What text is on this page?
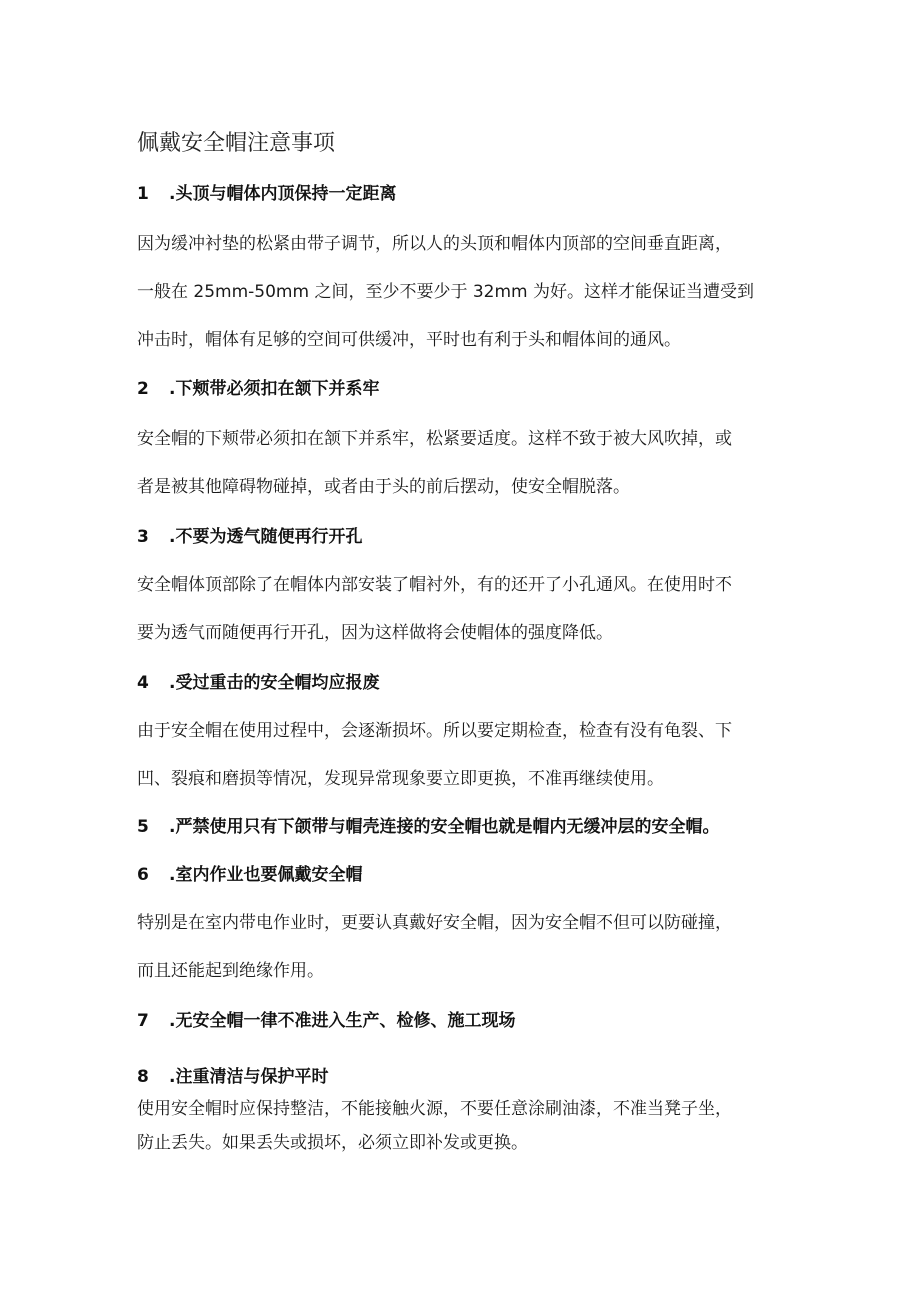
佩戴安全帽注意事项
1 .头顶与帽体内顶保持一定距离
因为缓冲衬垫的松紧由带子调节，所以人的头顶和帽体内顶部的空间垂直距离，
一般在 25mm-50mm 之间，至少不要少于 32mm 为好。这样才能保证当遭受到
冲击时，帽体有足够的空间可供缓冲，平时也有利于头和帽体间的通风。
2 .下颊带必须扣在颔下并系牢
安全帽的下颊带必须扣在颔下并系牢，松紧要适度。这样不致于被大风吹掉，或
者是被其他障碍物碰掉，或者由于头的前后摆动，使安全帽脱落。
3 .不要为透气随便再行开孔
安全帽体顶部除了在帽体内部安装了帽衬外，有的还开了小孔通风。在使用时不
要为透气而随便再行开孔，因为这样做将会使帽体的强度降低。
4 .受过重击的安全帽均应报废
由于安全帽在使用过程中，会逐渐损坏。所以要定期检查，检查有没有龟裂、下
凹、裂痕和磨损等情况，发现异常现象要立即更换，不准再继续使用。
5 .严禁使用只有下颌带与帽壳连接的安全帽也就是帽内无缓冲层的安全帽。
6 .室内作业也要佩戴安全帽
特别是在室内带电作业时，更要认真戴好安全帽，因为安全帽不但可以防碰撞，
而且还能起到绝缘作用。
7 .无安全帽一律不准进入生产、检修、施工现场
8 .注重清洁与保护平时
使用安全帽时应保持整洁，不能接触火源，不要任意涂刷油漆，不准当凳子坐，
防止丢失。如果丢失或损坏，必须立即补发或更换。
